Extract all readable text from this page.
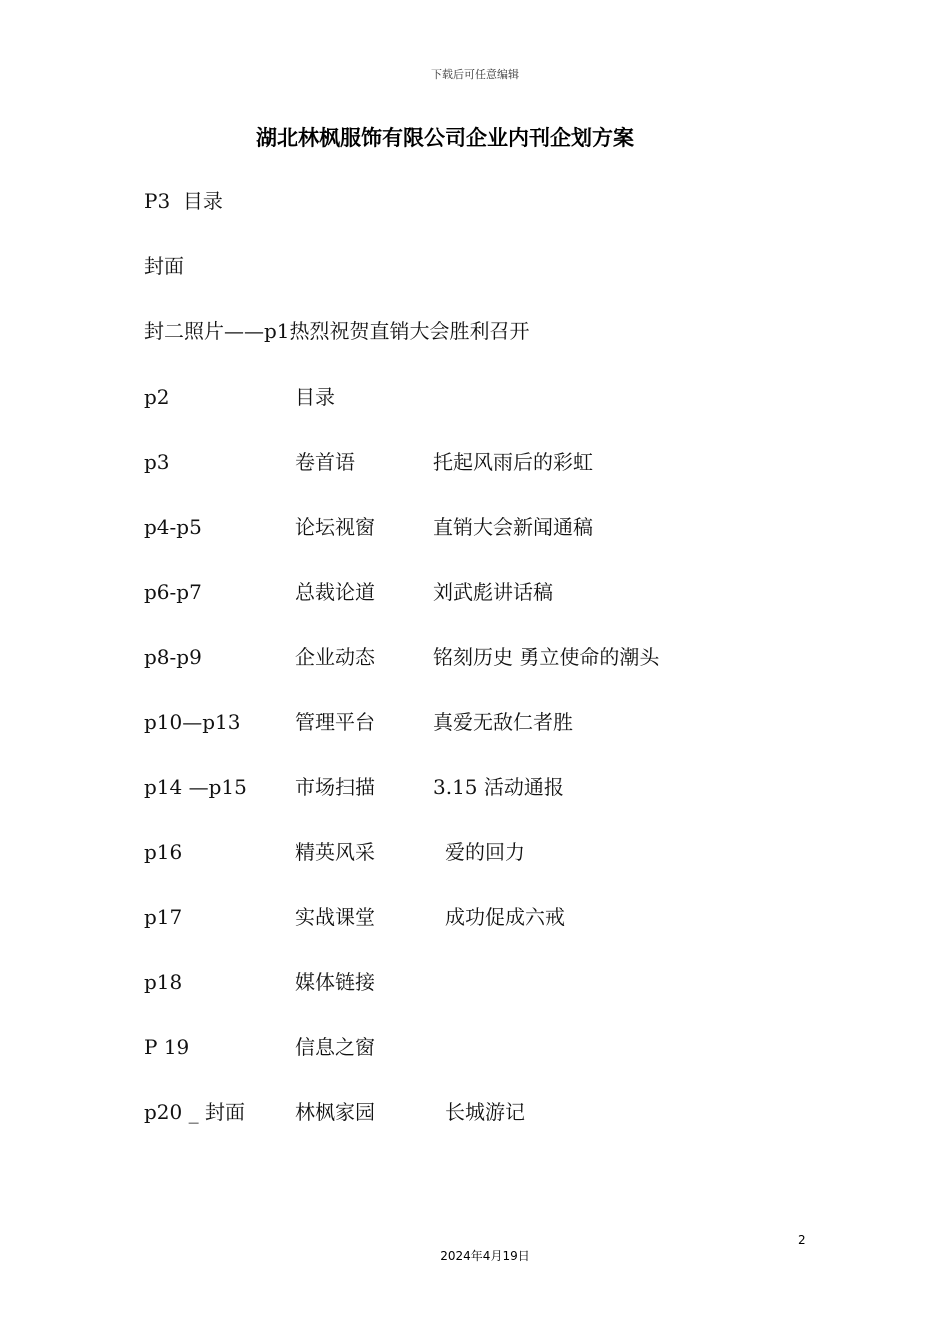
下载后可任意编辑
湖北林枫服饰有限公司企业内刊企划方案
P3  目录
封面
封二照片——p1热烈祝贺直销大会胜利召开
p2	目录
p3	卷首语	托起风雨后的彩虹
p4-p5	论坛视窗	直销大会新闻通稿
p6-p7	总裁论道	刘武彪讲话稿
p8-p9	企业动态	铭刻历史 勇立使命的潮头
p10—p13	管理平台	真爱无敌仁者胜
p14 —p15 市场扫描	3.15 活动通报
p16	精英风采	爱的回力
p17	实战课堂	成功促成六戒
p18	媒体链接
P 19	信息之窗
p20 _ 封面	林枫家园	长城游记
2
2024年4月19日
